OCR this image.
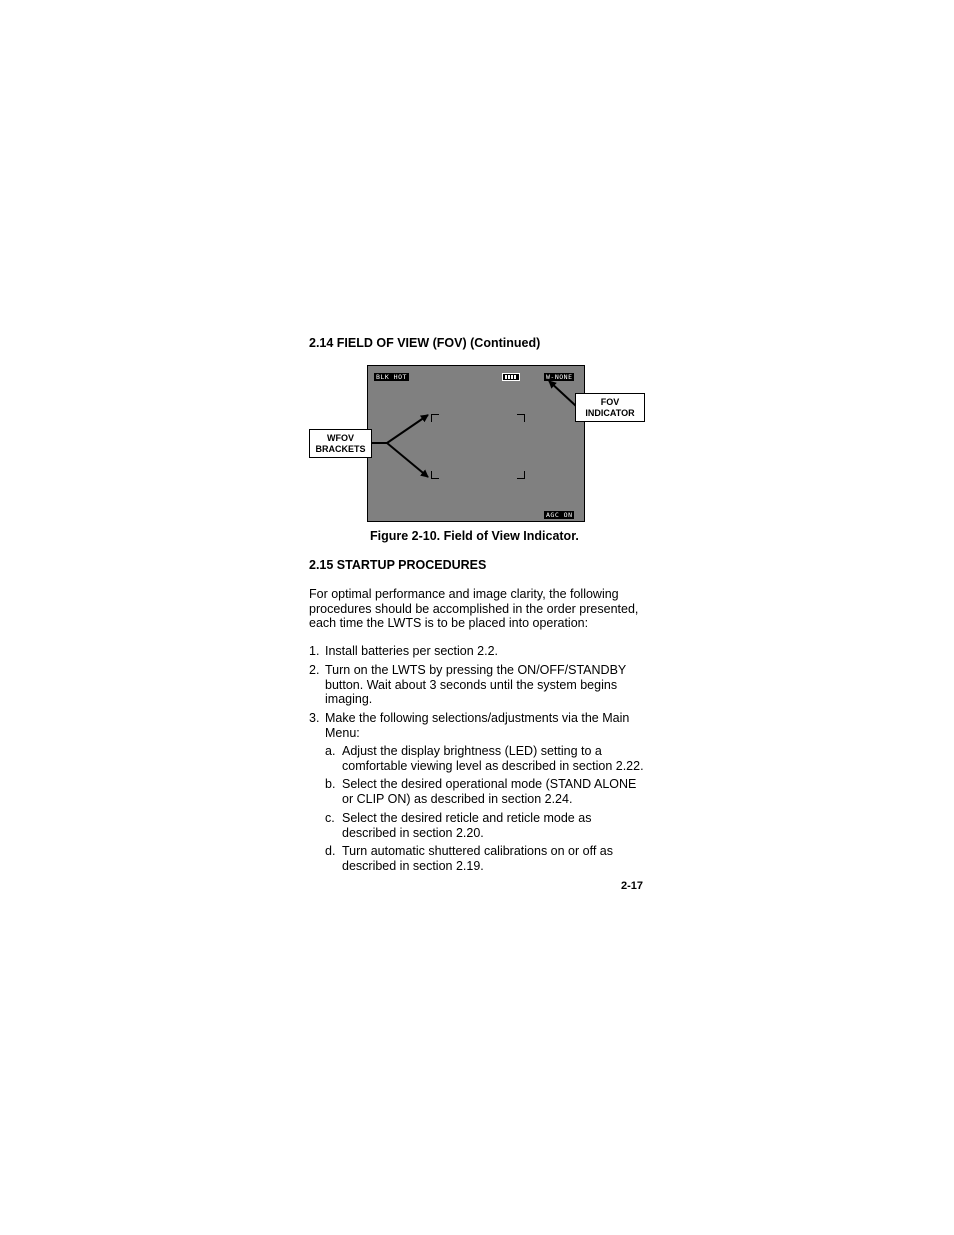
2.14 FIELD OF VIEW (FOV) (Continued)
BLK HOT	W-NONE
AGC ON
FOV
INDICATOR
WFOV
BRACKETS
Figure 2-10. Field of View Indicator.
2.15 STARTUP PROCEDURES
For optimal performance and image clarity, the following
procedures should be accomplished in the order presented,
each time the LWTS is to be placed into operation:
1. Install batteries per section 2.2.
2. Turn on the LWTS by pressing the ON/OFF/STANDBY
button. Wait about 3 seconds until the system begins
imaging.
3. Make the following selections/adjustments via the Main
Menu:
a. Adjust the display brightness (LED) setting to a
comfortable viewing level as described in section 2.22.
b. Select the desired operational mode (STAND ALONE
or CLIP ON) as described in section 2.24.
c. Select the desired reticle and reticle mode as
described in section 2.20.
d. Turn automatic shuttered calibrations on or off as
described in section 2.19.
2-17
